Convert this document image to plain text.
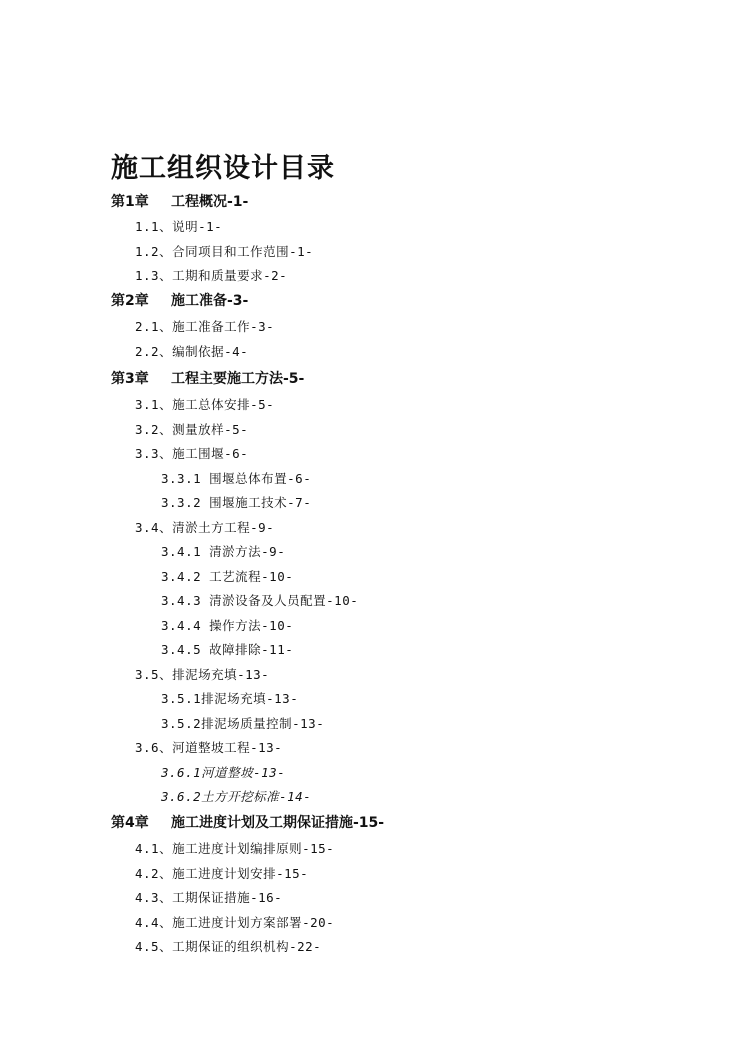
施工组织设计目录
第1章 工程概况-1-
1.1、说明-1-
1.2、合同项目和工作范围-1-
1.3、工期和质量要求-2-
第2章 施工准备-3-
2.1、施工准备工作-3-
2.2、编制依据-4-
第3章 工程主要施工方法-5-
3.1、施工总体安排-5-
3.2、测量放样-5-
3.3、施工围堰-6-
3.3.1 围堰总体布置-6-
3.3.2 围堰施工技术-7-
3.4、清淤土方工程-9-
3.4.1 清淤方法-9-
3.4.2 工艺流程-10-
3.4.3 清淤设备及人员配置-10-
3.4.4 操作方法-10-
3.4.5 故障排除-11-
3.5、排泥场充填-13-
3.5.1排泥场充填-13-
3.5.2排泥场质量控制-13-
3.6、河道整坡工程-13-
3.6.1河道整坡-13-
3.6.2土方开挖标准-14-
第4章 施工进度计划及工期保证措施-15-
4.1、施工进度计划编排原则-15-
4.2、施工进度计划安排-15-
4.3、工期保证措施-16-
4.4、施工进度计划方案部署-20-
4.5、工期保证的组织机构-22-
